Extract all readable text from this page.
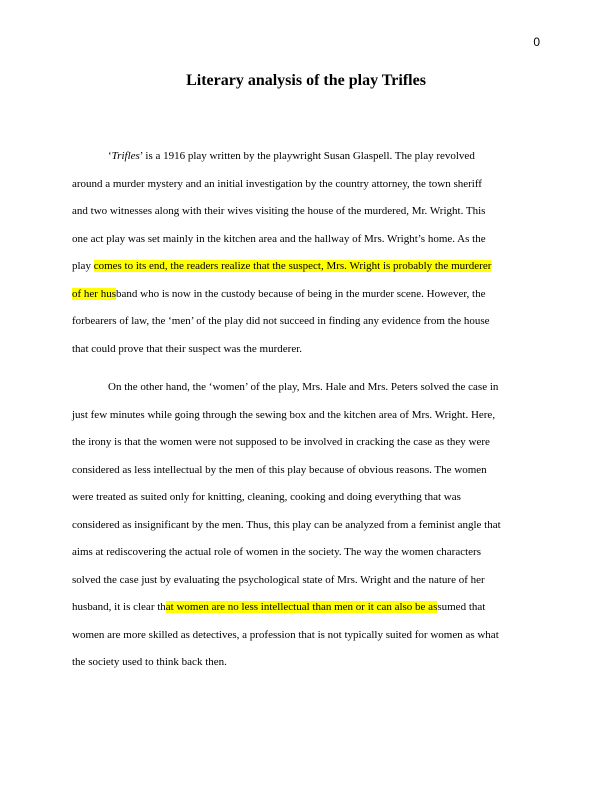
0
Literary analysis of the play Trifles
‘Trifles’ is a 1916 play written by the playwright Susan Glaspell. The play revolved
around a murder mystery and an initial investigation by the country attorney, the town sheriff
and two witnesses along with their wives visiting the house of the murdered, Mr. Wright. This
one act play was set mainly in the kitchen area and the hallway of Mrs. Wright’s home. As the
play comes to its end, the readers realize that the suspect, Mrs. Wright is probably the murderer
of her husband who is now in the custody because of being in the murder scene. However, the
forbearers of law, the ‘men’ of the play did not succeed in finding any evidence from the house
that could prove that their suspect was the murderer.
On the other hand, the ‘women’ of the play, Mrs. Hale and Mrs. Peters solved the case in
just few minutes while going through the sewing box and the kitchen area of Mrs. Wright. Here,
the irony is that the women were not supposed to be involved in cracking the case as they were
considered as less intellectual by the men of this play because of obvious reasons. The women
were treated as suited only for knitting, cleaning, cooking and doing everything that was
considered as insignificant by the men. Thus, this play can be analyzed from a feminist angle that
aims at rediscovering the actual role of women in the society. The way the women characters
solved the case just by evaluating the psychological state of Mrs. Wright and the nature of her
husband, it is clear that women are no less intellectual than men or it can also be assumed that
women are more skilled as detectives, a profession that is not typically suited for women as what
the society used to think back then.
